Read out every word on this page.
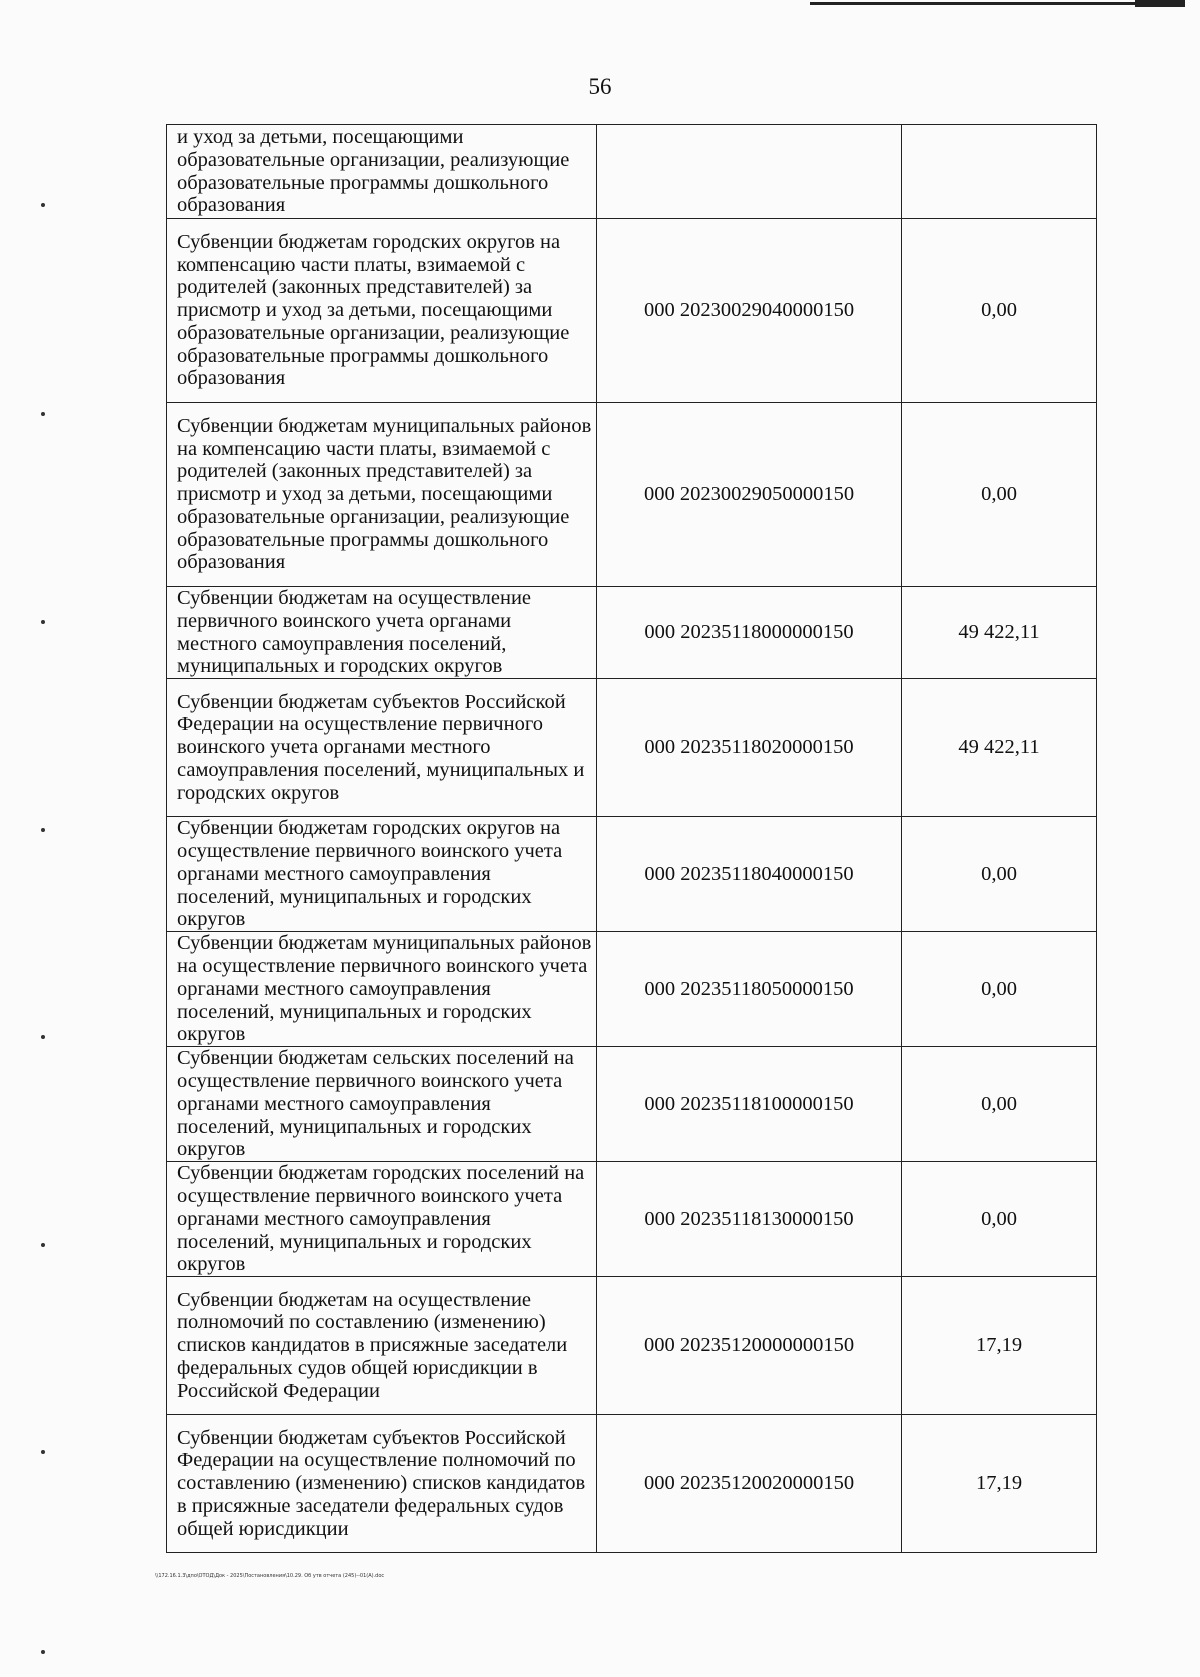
56
и уход за детьми, посещающими образовательные организации, реализующие образовательные программы дошкольного образования		
Субвенции бюджетам городских округов на компенсацию части платы, взимаемой с родителей (законных представителей) за присмотр и уход за детьми, посещающими образовательные организации, реализующие образовательные программы дошкольного образования	000 20230029040000150	0,00
Субвенции бюджетам муниципальных районов на компенсацию части платы, взимаемой с родителей (законных представителей) за присмотр и уход за детьми, посещающими образовательные организации, реализующие образовательные программы дошкольного образования	000 20230029050000150	0,00
Субвенции бюджетам на осуществление первичного воинского учета органами местного самоуправления поселений, муниципальных и городских округов	000 20235118000000150	49 422,11
Субвенции бюджетам субъектов Российской Федерации на осуществление первичного воинского учета органами местного самоуправления поселений, муниципальных и городских округов	000 20235118020000150	49 422,11
Субвенции бюджетам городских округов на осуществление первичного воинского учета органами местного самоуправления поселений, муниципальных и городских округов	000 20235118040000150	0,00
Субвенции бюджетам муниципальных районов на осуществление первичного воинского учета органами местного самоуправления поселений, муниципальных и городских округов	000 20235118050000150	0,00
Субвенции бюджетам сельских поселений на осуществление первичного воинского учета органами местного самоуправления поселений, муниципальных и городских округов	000 20235118100000150	0,00
Субвенции бюджетам городских поселений на осуществление первичного воинского учета органами местного самоуправления поселений, муниципальных и городских округов	000 20235118130000150	0,00
Субвенции бюджетам на осуществление полномочий по составлению (изменению) списков кандидатов в присяжные заседатели федеральных судов общей юрисдикции в Российской Федерации	000 20235120000000150	17,19
Субвенции бюджетам субъектов Российской Федерации на осуществление полномочий по составлению (изменению) списков кандидатов в присяжные заседатели федеральных судов общей юрисдикции	000 20235120020000150	17,19
\\172.16.1.3\дпо\ОТОД\Док - 2025\Постановления\10.29. Об утв отчета (245)--01(А).doc
